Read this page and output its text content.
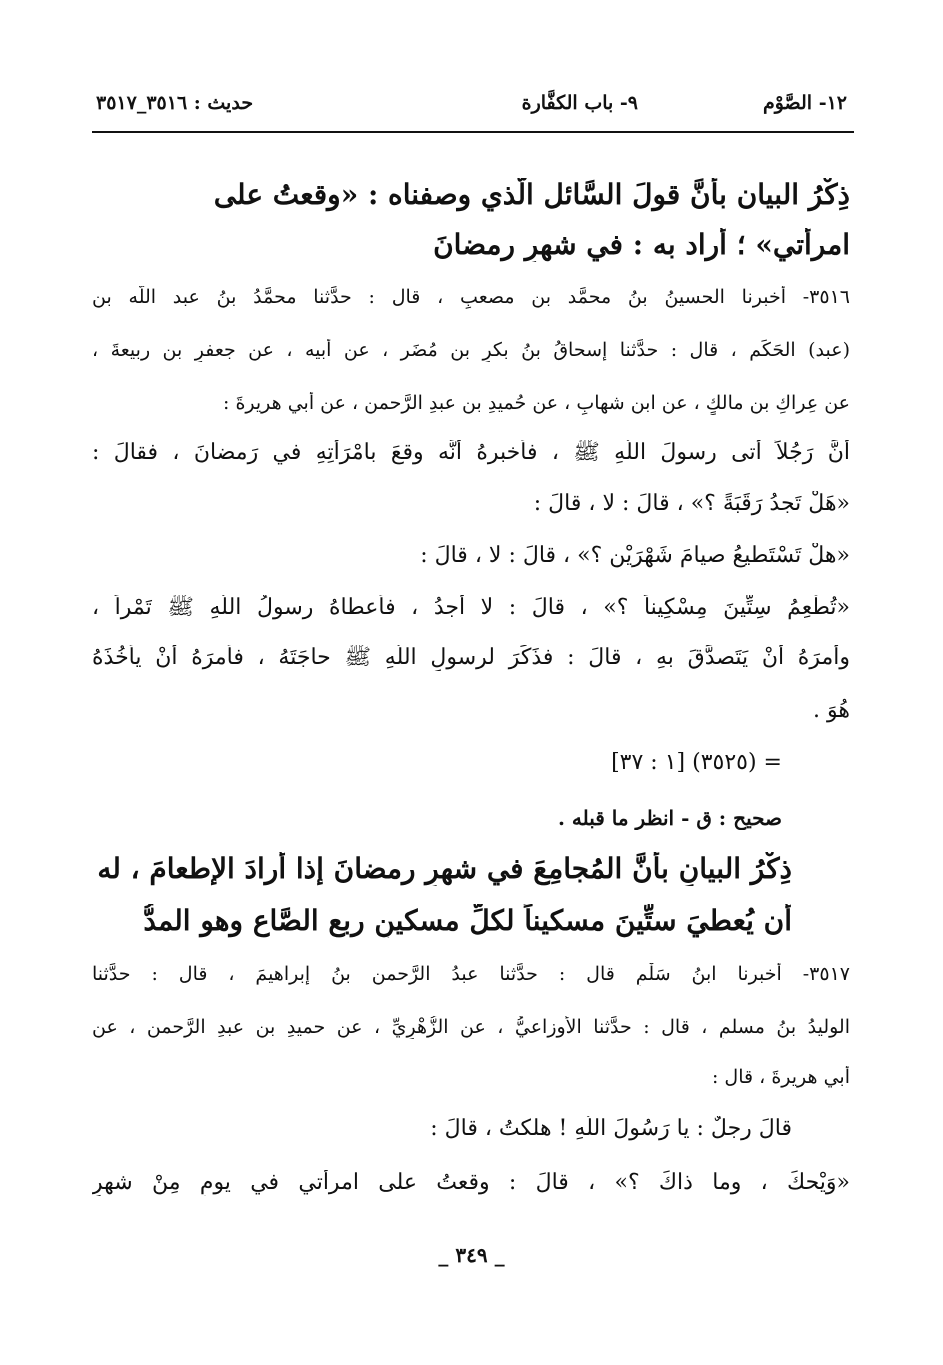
١٢- الصَّوْم
٩- باب الكفَّارة
حديث : ٣٥١٦_٣٥١٧
ذِكْرُ البيان بأنَّ قولَ السَّائل الَّذي وصفناه : «وقعتُ على
امرأتي» ؛ أراد به : في شهرِ رمضانَ
٣٥١٦- أخبرنا الحسينُ بنُ محمَّد بنِ مصعبٍ ، قال : حدَّثنا محمَّدُ بنُ عبد اللّه بنِ
(عبد) الحَكَمِ ، قال : حدَّثنا إسحاقُ بنُ بكرِ بن مُضَر ، عن أبيه ، عن جعفرِ بنِ ربيعةَ ،
عن عِراكِ بنِ مالكٍ ، عن ابنِ شهابٍ ، عن حُميدِ بنِ عبدِ الرَّحمن ، عن أبي هريرةَ :
أنَّ رَجُلاً أتى رسولَ اللّهِ ﷺ ، فأخبرهُ أنَّه وقعَ بامْرَأتِهِ في رَمضانَ ، فقالَ :
«هَلْ تَجدُ رَقَبَةً ؟» ، قالَ : لا ، قالَ :
«هلْ تَسْتَطيعُ صيامَ شَهْرَيْنِ ؟» ، قالَ : لا ، قالَ :
«تُطْعِمُ سِتِّينَ مِسْكِيناً ؟» ، قالَ : لا أجدُ ، فأعطاهُ رسولُ اللّهِ ﷺ تَمْراً ،
وأمرَهُ أَنْ يَتَصدَّقَ بهِ ، قالَ : فذَكَرَ لرسولِ اللّهِ ﷺ حاجَتَهُ ، فأمرَهُ أَنْ يأْخُذَهُ
هُوَ .
= (٣٥٢٥) [١ : ٣٧]
صحيح : ق - انظر ما قبله .
ذِكْرُ البيانِ بأنَّ المُجامِعَ في شهرِ رمضانَ إذا أرادَ الإطعامَ ، له
أن يُعطيَ ستِّينَ مسكيناً لكلِّ مسكينٍ ربع الصَّاع وهو المدُّ
٣٥١٧- أخبرنا ابنُ سَلْمٍ قال : حدَّثنا عبدُ الرَّحمنِ بنُ إبراهيمَ ، قال : حدَّثنا
الوليدُ بنُ مسلمٍ ، قال : حدَّثنا الأوزاعيُّ ، عنِ الزُّهْرِيِّ ، عن حميدِ بن عبدِ الرَّحمنِ ، عن
أبي هريرةَ ، قال :
قالَ رجلٌ : يا رَسُولَ اللّهِ ! هلكتُ ، قالَ :
«وَيْحكَ ، وما ذاكَ ؟» ، قالَ : وقعتُ على امرأتي في يومٍ مِنْ شهرِ
_ ٣٤٩ _
